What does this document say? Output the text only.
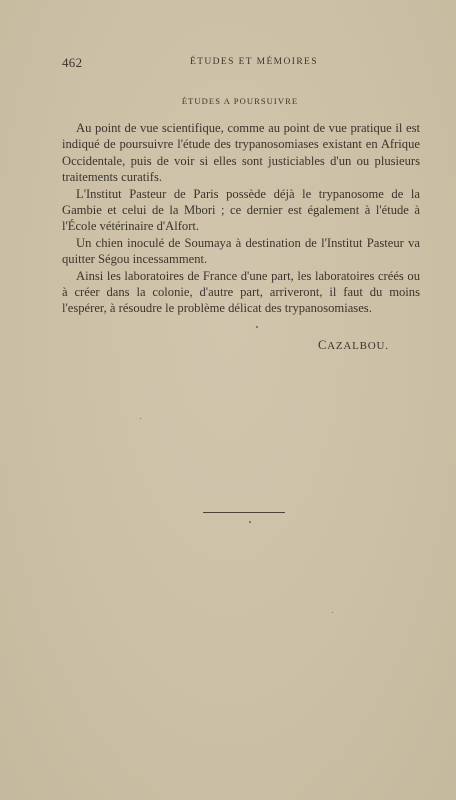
462	ÉTUDES ET MÉMOIRES
ÉTUDES A POURSUIVRE

Au point de vue scientifique, comme au point de vue pratique il est indiqué de poursuivre l'étude des trypanosomiases existant en Afrique Occidentale, puis de voir si elles sont justiciables d'un ou plusieurs traitements curatifs.

L'Institut Pasteur de Paris possède déjà le trypanosome de la Gambie et celui de la Mbori ; ce dernier est également à l'étude à l'École vétérinaire d'Alfort.

Un chien inoculé de Soumaya à destination de l'Institut Pasteur va quitter Ségou incessamment.

Ainsi les laboratoires de France d'une part, les laboratoires créés ou à créer dans la colonie, d'autre part, arriveront, il faut du moins l'espérer, à résoudre le problème délicat des trypanosomiases.

CAZALBOU.
